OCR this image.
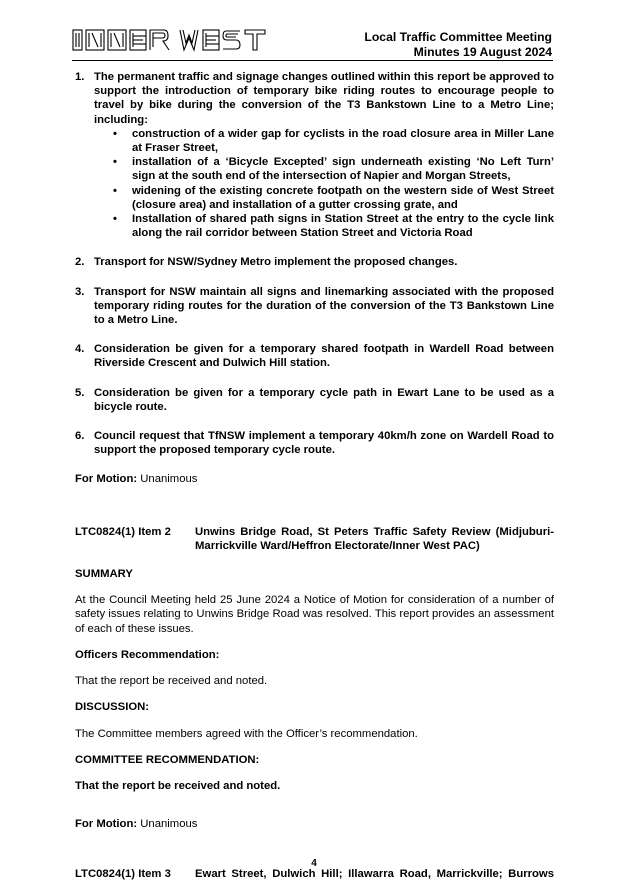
Local Traffic Committee Meeting
Minutes 19 August 2024
1. The permanent traffic and signage changes outlined within this report be approved to support the introduction of temporary bike riding routes to encourage people to travel by bike during the conversion of the T3 Bankstown Line to a Metro Line; including:
• construction of a wider gap for cyclists in the road closure area in Miller Lane at Fraser Street,
• installation of a ‘Bicycle Excepted’ sign underneath existing ‘No Left Turn’ sign at the south end of the intersection of Napier and Morgan Streets,
• widening of the existing concrete footpath on the western side of West Street (closure area) and installation of a gutter crossing grate, and
• Installation of shared path signs in Station Street at the entry to the cycle link along the rail corridor between Station Street and Victoria Road
2. Transport for NSW/Sydney Metro implement the proposed changes.
3. Transport for NSW maintain all signs and linemarking associated with the proposed temporary riding routes for the duration of the conversion of the T3 Bankstown Line to a Metro Line.
4. Consideration be given for a temporary shared footpath in Wardell Road between Riverside Crescent and Dulwich Hill station.
5. Consideration be given for a temporary cycle path in Ewart Lane to be used as a bicycle route.
6. Council request that TfNSW implement a temporary 40km/h zone on Wardell Road to support the proposed temporary cycle route.

For Motion: Unanimous

LTC0824(1) Item 2 Unwins Bridge Road, St Peters Traffic Safety Review (Midjuburi-Marrickville Ward/Heffron Electorate/Inner West PAC)

SUMMARY

At the Council Meeting held 25 June 2024 a Notice of Motion for consideration of a number of safety issues relating to Unwins Bridge Road was resolved. This report provides an assessment of each of these issues.

Officers Recommendation:

That the report be received and noted.

DISCUSSION:

The Committee members agreed with the Officer’s recommendation.

COMMITTEE RECOMMENDATION:

That the report be received and noted.

For Motion: Unanimous

LTC0824(1) Item 3	Ewart Street, Dulwich Hill; Illawarra Road, Marrickville; Burrows
4
